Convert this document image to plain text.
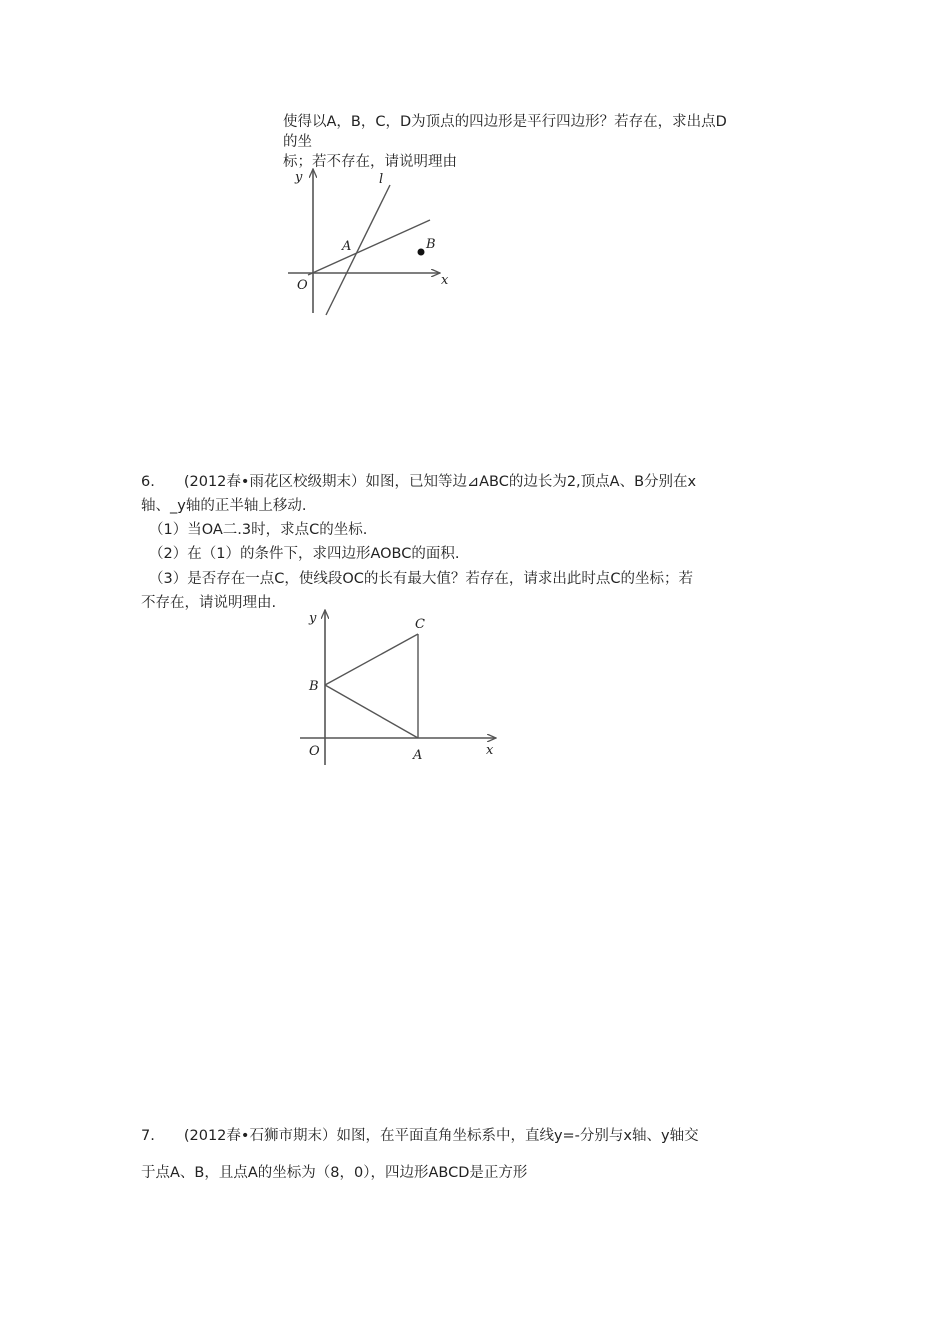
使得以A，B，C，D为顶点的四边形是平行四边形？若存在，求出点D
的坐
标；若不存在，请说明理由
y	l
A	B
O	x
6.　　(2012春•雨花区校级期末）如图，已知等边⊿ABC的边长为2,顶点A、B分别在x
轴、_y轴的正半轴上移动.
（1）当OA二.3时，求点C的坐标.
（2）在（1）的条件下，求四边形AOBC的面积.
（3）是否存在一点C，使线段OC的长有最大值？若存在，请求出此时点C的坐标；若
不存在，请说明理由.
y	C
B
O	A	x
7.　　(2012春•石狮市期末）如图，在平面直角坐标系中，直线y=-分别与x轴、y轴交
于点A、B，且点A的坐标为（8，0），四边形ABCD是正方形
